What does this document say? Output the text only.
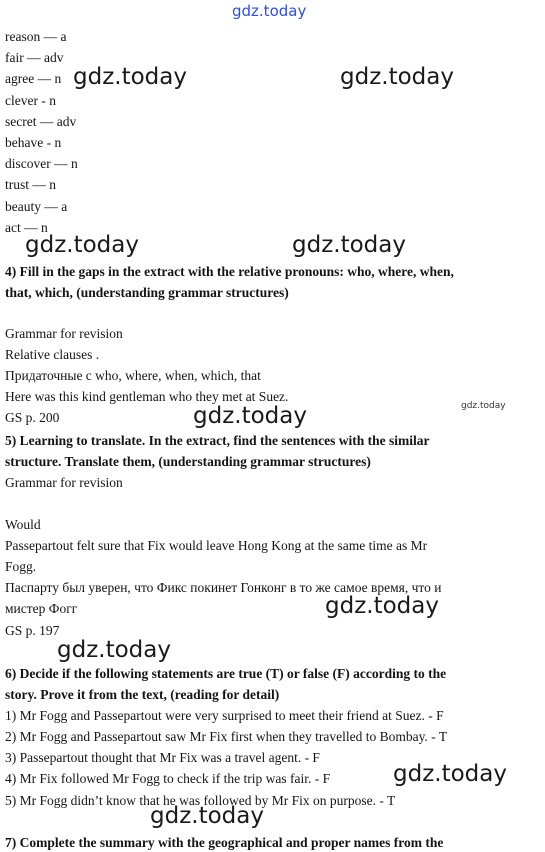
gdz.today
reason — a
fair — adv
agree — n
clever - n
secret — adv
behave - n
discover — n
trust — n
beauty — a
act — n
4) Fill in the gaps in the extract with the relative pronouns: who, where, when,
that, which, (understanding grammar structures)
Grammar for revision
Relative clauses .
Придаточные с who, where, when, which, that
Here was this kind gentleman who they met at Suez.
GS p. 200
5) Learning to translate. In the extract, find the sentences with the similar
structure. Translate them, (understanding grammar structures)
Grammar for revision
Would
Passepartout felt sure that Fix would leave Hong Kong at the same time as Mr
Fogg.
Паспарту был уверен, что Фикс покинет Гонконг в то же самое время, что и
мистер Фогг
GS p. 197
6) Decide if the following statements are true (T) or false (F) according to the
story. Prove it from the text, (reading for detail)
1) Mr Fogg and Passepartout were very surprised to meet their friend at Suez. - F
2) Mr Fogg and Passepartout saw Mr Fix first when they travelled to Bombay. - T
3) Passepartout thought that Mr Fix was a travel agent. - F
4) Mr Fix followed Mr Fogg to check if the trip was fair. - F
5) Mr Fogg didn’t know that he was followed by Mr Fix on purpose. - T
7) Complete the summary with the geographical and proper names from the
gdz.today	gdz.today
gdz.today	gdz.today
gdz.today	gdz.today
gdz.today
gdz.today
gdz.today
gdz.today
